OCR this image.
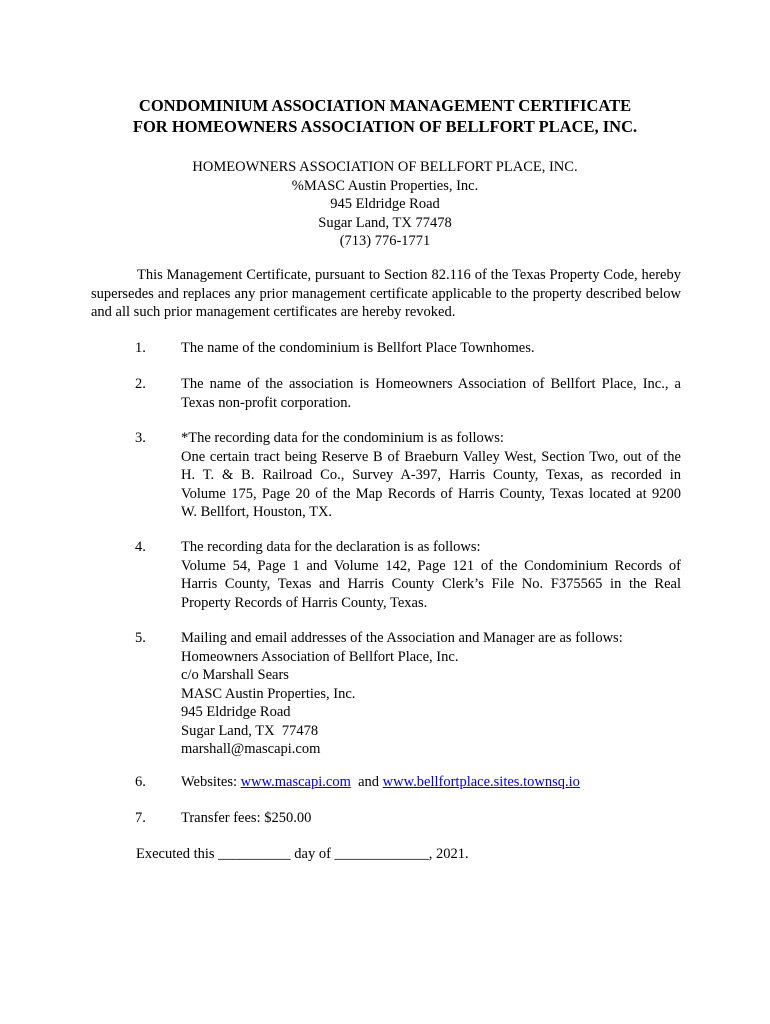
CONDOMINIUM ASSOCIATION MANAGEMENT CERTIFICATE
FOR HOMEOWNERS ASSOCIATION OF BELLFORT PLACE, INC.
HOMEOWNERS ASSOCIATION OF BELLFORT PLACE, INC.
%MASC Austin Properties, Inc.
945 Eldridge Road
Sugar Land, TX 77478
(713) 776-1771
This Management Certificate, pursuant to Section 82.116 of the Texas Property Code, hereby
supersedes and replaces any prior management certificate applicable to the property described below
and all such prior management certificates are hereby revoked.
1. The name of the condominium is Bellfort Place Townhomes.
2. The name of the association is Homeowners Association of Bellfort Place, Inc., a
Texas non-profit corporation.
3. *The recording data for the condominium is as follows:
One certain tract being Reserve B of Braeburn Valley West, Section Two, out of the
H. T. & B. Railroad Co., Survey A-397, Harris County, Texas, as recorded in
Volume 175, Page 20 of the Map Records of Harris County, Texas located at 9200
W. Bellfort, Houston, TX.
4. The recording data for the declaration is as follows:
Volume 54, Page 1 and Volume 142, Page 121 of the Condominium Records of
Harris County, Texas and Harris County Clerk’s File No. F375565 in the Real
Property Records of Harris County, Texas.
5. Mailing and email addresses of the Association and Manager are as follows:
Homeowners Association of Bellfort Place, Inc.
c/o Marshall Sears
MASC Austin Properties, Inc.
945 Eldridge Road
Sugar Land, TX  77478
marshall@mascapi.com
6. Websites: www.mascapi.com and www.bellfortplace.sites.townsq.io
7. Transfer fees: $250.00
Executed this __________ day of _____________, 2021.
